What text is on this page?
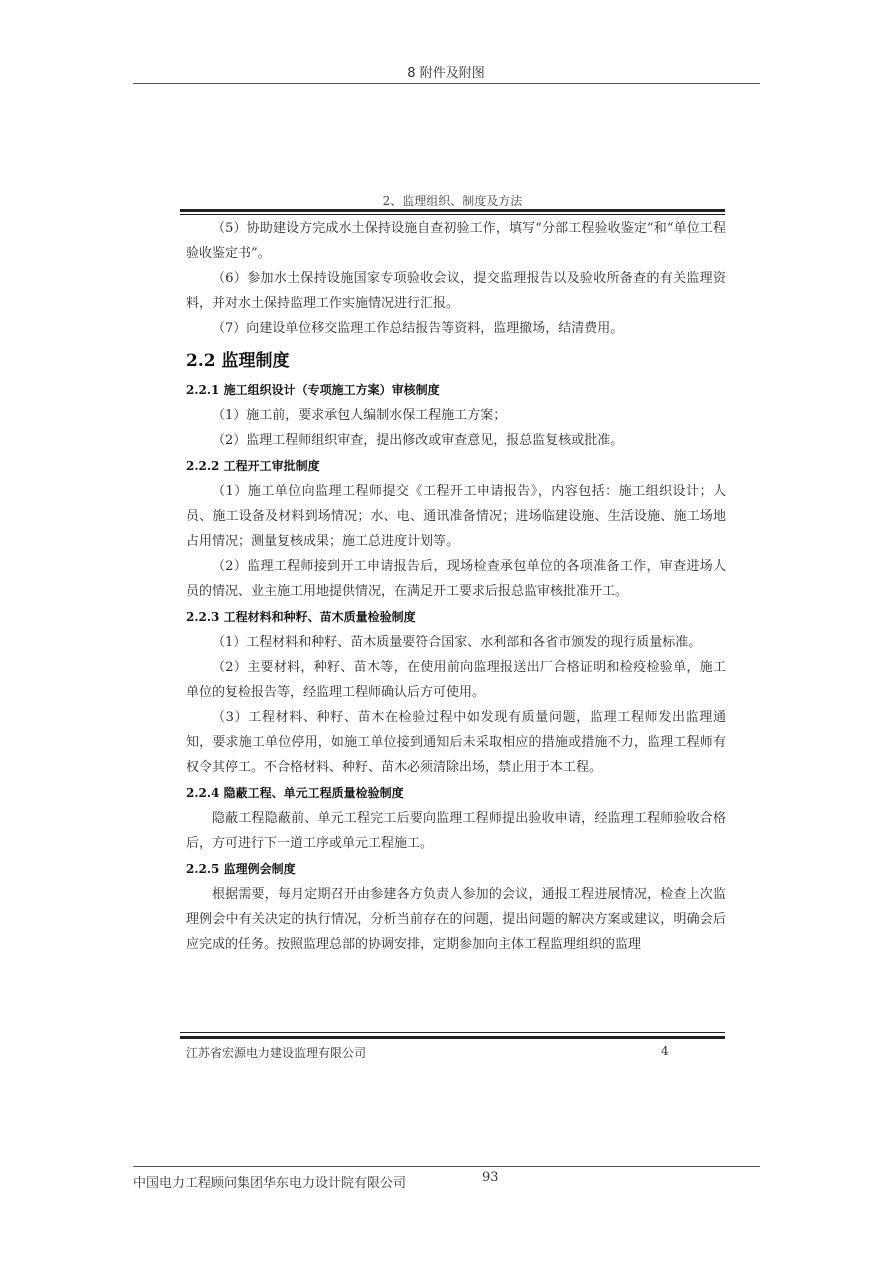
8 附件及附图
2、监理组织、制度及方法

（5）协助建设方完成水土保持设施自查初验工作，填写“分部工程验收鉴定”和“单位工程验收鉴定书”。

（6）参加水土保持设施国家专项验收会议，提交监理报告以及验收所备查的有关监理资料，并对水土保持监理工作实施情况进行汇报。

（7）向建设单位移交监理工作总结报告等资料，监理撤场，结清费用。

2.2 监理制度
2.2.1 施工组织设计（专项施工方案）审核制度

（1）施工前，要求承包人编制水保工程施工方案；

（2）监理工程师组织审查，提出修改或审查意见，报总监复核或批准。

2.2.2 工程开工审批制度

（1）施工单位向监理工程师提交《工程开工申请报告》，内容包括：施工组织设计；人员、施工设备及材料到场情况；水、电、通讯准备情况；进场临建设施、生活设施、施工场地占用情况；测量复核成果；施工总进度计划等。

（2）监理工程师接到开工申请报告后，现场检查承包单位的各项准备工作，审查进场人员的情况、业主施工用地提供情况，在满足开工要求后报总监审核批准开工。

2.2.3 工程材料和种籽、苗木质量检验制度

（1）工程材料和种籽、苗木质量要符合国家、水利部和各省市颁发的现行质量标准。

（2）主要材料，种籽、苗木等，在使用前向监理报送出厂合格证明和检疫检验单，施工单位的复检报告等，经监理工程师确认后方可使用。

（3）工程材料、种籽、苗木在检验过程中如发现有质量问题，监理工程师发出监理通知，要求施工单位停用，如施工单位接到通知后未采取相应的措施或措施不力，监理工程师有权令其停工。不合格材料、种籽、苗木必须清除出场，禁止用于本工程。

2.2.4 隐蔽工程、单元工程质量检验制度

隐蔽工程隐蔽前、单元工程完工后要向监理工程师提出验收申请，经监理工程师验收合格后，方可进行下一道工序或单元工程施工。

2.2.5 监理例会制度

根据需要，每月定期召开由参建各方负责人参加的会议，通报工程进展情况，检查上次监理例会中有关决定的执行情况，分析当前存在的问题，提出问题的解决方案或建议，明确会后应完成的任务。按照监理总部的协调安排，定期参加向主体工程监理组织的监理

江苏省宏源电力建设监理有限公司	4
中国电力工程顾问集团华东电力设计院有限公司	93
